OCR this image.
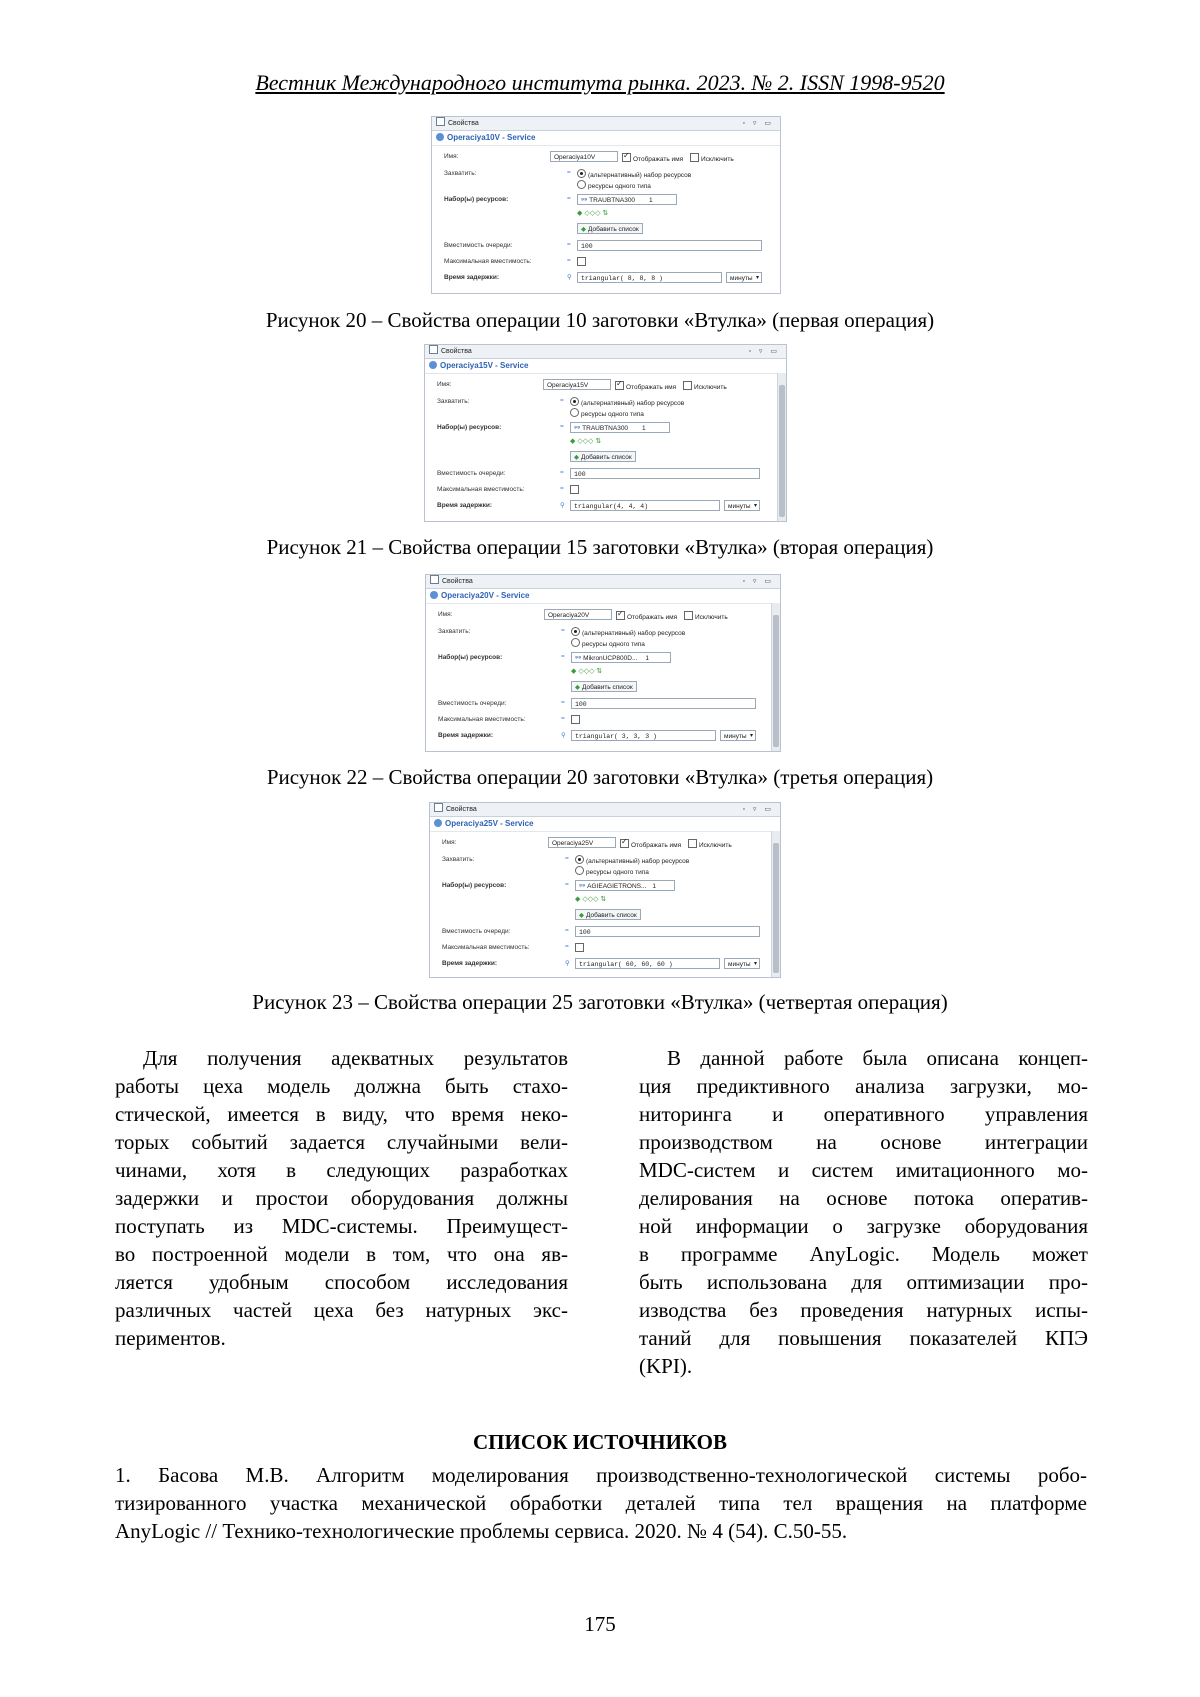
Вестник Международного института рынка. 2023. № 2. ISSN 1998-9520
Свойства	▫ ▿ ▭
Operaciya10V - Service
Имя:	Operaciya10V ✓	Отображать имя	Исключить
Захватить:	=	(альтернативный) набор ресурсов
ресурсы одного типа
Набор(ы) ресурсов:	=	⁹⁹ TRAUBTNA300 1
◆ ◇◇◇ ⇅
◆ Добавить список
Вместимость очереди:	=	100
Максимальная вместимость:	=
Время задержки:	⚲	triangular( 8, 8, 8 )	минуты ▾
Рисунок 20 – Свойства операции 10 заготовки «Втулка» (первая операция)
Свойства	▫ ▿ ▭
Operaciya15V - Service
Имя:	Operaciya15V ✓	Отображать имя	Исключить
Захватить:	=	(альтернативный) набор ресурсов
ресурсы одного типа
Набор(ы) ресурсов:	=	⁹⁹ TRAUBTNA300 1
◆ ◇◇◇ ⇅
◆ Добавить список
Вместимость очереди:	=	100
Максимальная вместимость:	=
Время задержки:	⚲	triangular(4, 4, 4)	минуты ▾
Рисунок 21 – Свойства операции 15 заготовки «Втулка» (вторая операция)
Свойства	▫ ▿ ▭
Operaciya20V - Service
Имя:	Operaciya20V ✓	Отображать имя	Исключить
Захватить:	=	(альтернативный) набор ресурсов
ресурсы одного типа
Набор(ы) ресурсов:	=	⁹⁹ MikronUCP800D... 1
◆ ◇◇◇ ⇅
◆ Добавить список
Вместимость очереди:	=	100
Максимальная вместимость:	=
Время задержки:	⚲	triangular( 3, 3, 3 )	минуты ▾
Рисунок 22 – Свойства операции 20 заготовки «Втулка» (третья операция)
Свойства	▫ ▿ ▭
Operaciya25V - Service
Имя:	Operaciya25V ✓	Отображать имя	Исключить
Захватить:	=	(альтернативный) набор ресурсов
ресурсы одного типа
Набор(ы) ресурсов:	=	⁹⁹ AGIEAGIETRONS... 1
◆ ◇◇◇ ⇅
◆ Добавить список
Вместимость очереди:	=	100
Максимальная вместимость:	=
Время задержки:	⚲	triangular( 60, 60, 60 )	минуты ▾
Рисунок 23 – Свойства операции 25 заготовки «Втулка» (четвертая операция)

Для получения адекватных результатов
работы цеха модель должна быть стахо-
стической, имеется в виду, что время неко-
торых событий задается случайными вели-
чинами, хотя в следующих разработках
задержки и простои оборудования должны
поступать из MDC-системы. Преимущест-
во построенной модели в том, что она яв-
ляется удобным способом исследования
различных частей цеха без натурных экс-
периментов.

В данной работе была описана концеп-
ция предиктивного анализа загрузки, мо-
ниторинга и оперативного управления
производством на основе интеграции
MDC-систем и систем имитационного мо-
делирования на основе потока оператив-
ной информации о загрузке оборудования
в программе AnyLogic. Модель может
быть использована для оптимизации про-
изводства без проведения натурных испы-
таний для повышения показателей КПЭ
(KPI).

СПИСОК ИСТОЧНИКОВ
1. Басова М.В. Алгоритм моделирования производственно-технологической системы робо-
тизированного участка механической обработки деталей типа тел вращения на платформе
AnyLogic // Технико-технологические проблемы сервиса. 2020. № 4 (54). С.50-55.
175
